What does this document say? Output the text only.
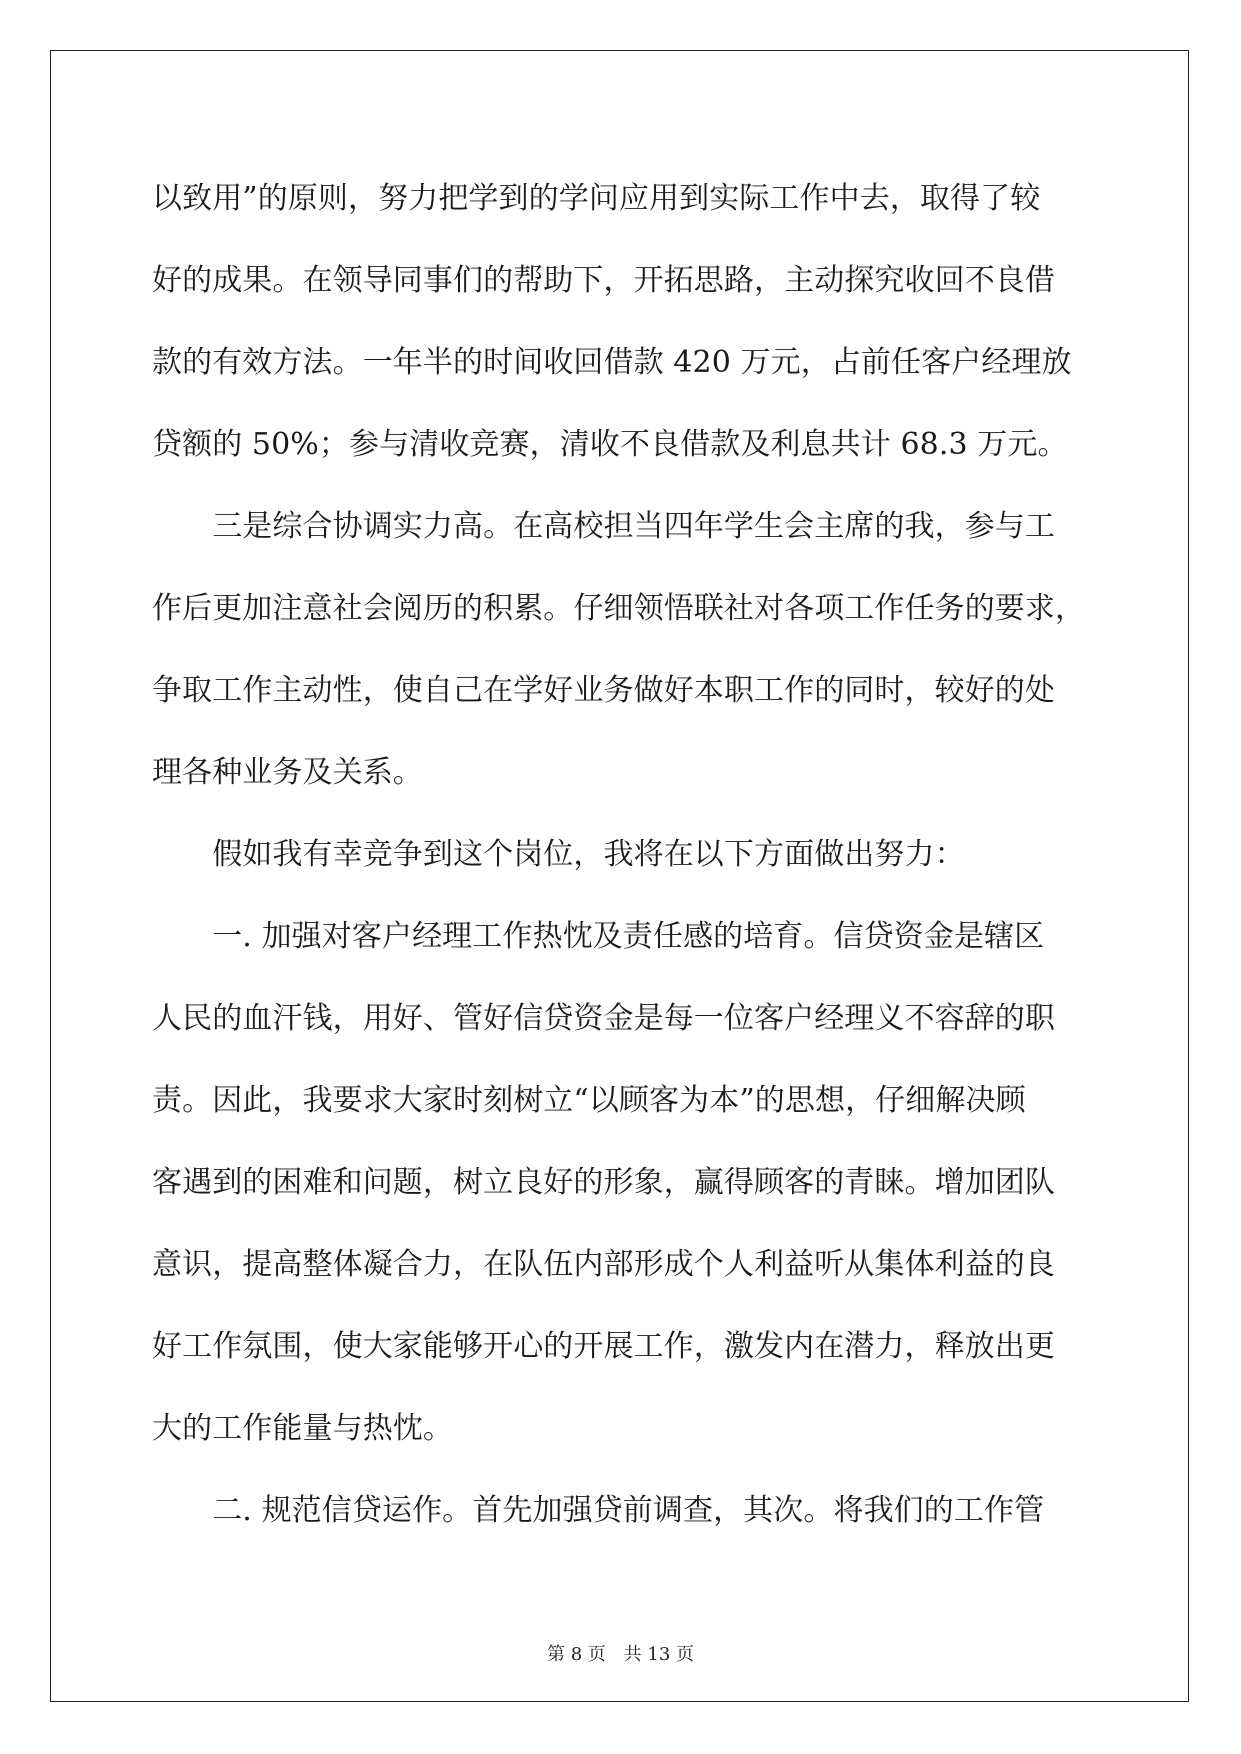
以致用”的原则，努力把学到的学问应用到实际工作中去，取得了较
好的成果。在领导同事们的帮助下，开拓思路，主动探究收回不良借
款的有效方法。一年半的时间收回借款 420 万元，占前任客户经理放
贷额的 50%；参与清收竞赛，清收不良借款及利息共计 68.3 万元。
　　三是综合协调实力高。在高校担当四年学生会主席的我，参与工
作后更加注意社会阅历的积累。仔细领悟联社对各项工作任务的要求，
争取工作主动性，使自己在学好业务做好本职工作的同时，较好的处
理各种业务及关系。
　　假如我有幸竞争到这个岗位，我将在以下方面做出努力：
　　一. 加强对客户经理工作热忱及责任感的培育。信贷资金是辖区
人民的血汗钱，用好、管好信贷资金是每一位客户经理义不容辞的职
责。因此，我要求大家时刻树立“以顾客为本”的思想，仔细解决顾
客遇到的困难和问题，树立良好的形象，赢得顾客的青睐。增加团队
意识，提高整体凝合力，在队伍内部形成个人利益听从集体利益的良
好工作氛围，使大家能够开心的开展工作，激发内在潜力，释放出更
大的工作能量与热忱。
　　二. 规范信贷运作。首先加强贷前调查，其次。将我们的工作管
第 8 页 共 13 页
